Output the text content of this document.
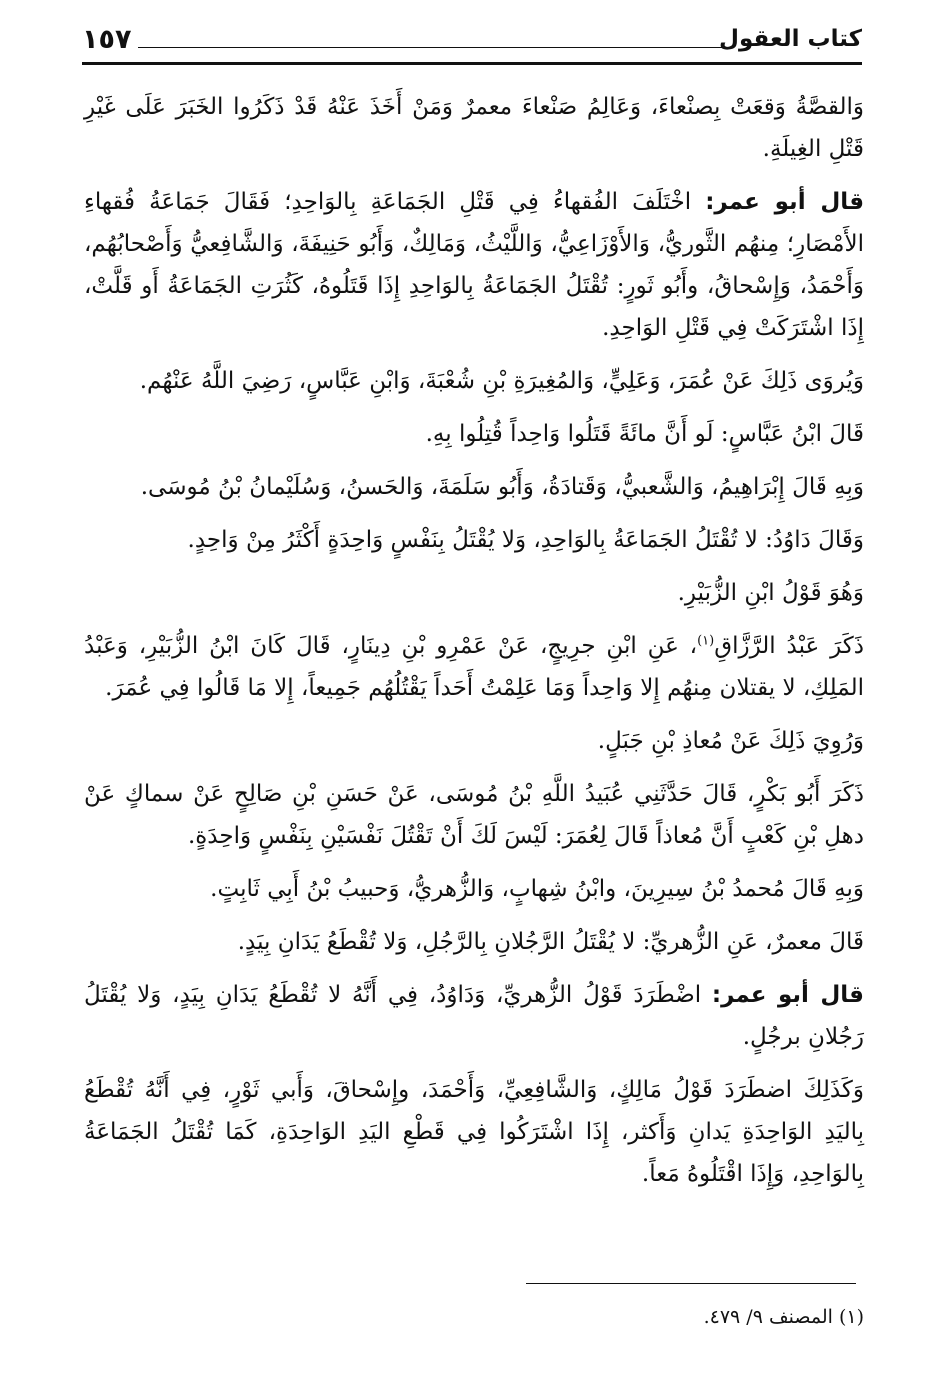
١٥٧	كتاب العقول

وَالقصَّةُ وَقعَتْ بِصنْعاءَ، وَعَالِمُ صَنْعاءَ معمرٌ وَمَنْ أَخَذَ عَنْهُ قَدْ ذَكَرُوا الخَبَرَ عَلَى غَيْرِ قَتْلِ الغِيلَةِ.

قال أبو عمر: اخْتَلَفَ الفُقهاءُ فِي قَتْلِ الجَمَاعَةِ بِالوَاحِدِ؛ فَقَالَ جَمَاعَةُ فُقهاءِ الأَمْصَارِ؛ مِنهُم الثَّوريُّ، وَالأَوْزَاعِيُّ، وَاللَّيْثُ، وَمَالِكٌ، وَأَبُو حَنِيفَةَ، وَالشَّافِعيُّ وَأَصْحابُهُم، وَأَحْمَدُ، وَإِسْحاقُ، وأَبُو ثَورٍ: تُقْتَلُ الجَمَاعَةُ بِالوَاحِدِ إِذَا قَتَلُوهُ، كَثُرَتِ الجَمَاعَةُ أَو قَلَّتْ، إِذَا اشْتَرَكَتْ فِي قَتْلِ الوَاحِدِ.

وَيُروَى ذَلِكَ عَنْ عُمَرَ، وَعَلِيٍّ، وَالمُغِيرَةِ بْنِ شُعْبَةَ، وَابْنِ عَبَّاسٍ، رَضِيَ اللَّهُ عَنْهُم.

قَالَ ابْنُ عَبَّاسٍ: لَو أَنَّ مائَةً قَتَلُوا وَاحِداً قُتِلُوا بِهِ.

وَبِهِ قَالَ إِبْرَاهِيمُ، وَالشَّعبيُّ، وَقَتادَةُ، وَأَبُو سَلَمَةَ، وَالحَسنُ، وَسُلَيْمانُ بْنُ مُوسَى.

وَقَالَ دَاوُدُ: لا تُقْتَلُ الجَمَاعَةُ بِالوَاحِدِ، وَلا يُقْتَلُ بِنَفْسٍ وَاحِدَةٍ أَكْثَرُ مِنْ وَاحِدٍ.

وَهُوَ قَوْلُ ابْنِ الزُّبَيْرِ.

ذَكَرَ عَبْدُ الرَّزَّاقِ$^{(١)}$، عَنِ ابْنِ جرِيجٍ، عَنْ عَمْرِو بْنِ دِينَارٍ، قَالَ كَانَ ابْنُ الزُّبَيْرِ، وَعَبْدُ المَلِكِ، لا يقتلان مِنهُم إِلا وَاحِداً وَمَا عَلِمْتُ أَحَداً يَقْتُلُهُم جَمِيعاً، إِلا مَا قَالُوا فِي عُمَرَ.

وَرُوِيَ ذَلِكَ عَنْ مُعاذِ بْنِ جَبَلٍ.

ذَكَرَ أَبُو بَكْرٍ، قَالَ حَدَّثَنِي عُبَيدُ اللَّهِ بْنُ مُوسَى، عَنْ حَسَنِ بْنِ صَالِحٍ عَنْ سماكٍ عَنْ دهلِ بْنِ كَعْبٍ أَنَّ مُعاذاً قَالَ لِعُمَرَ: لَيْسَ لَكَ أَنْ تَقْتُلَ نَفْسَيْنِ بِنَفْسٍ وَاحِدَةٍ.

وَبِهِ قَالَ مُحمدُ بْنُ سِيرِينَ، وابْنُ شِهابٍ، وَالزُّهريُّ، وَحبيبُ بْنُ أَبِي ثَابِتٍ.

قَالَ معمرٌ، عَنِ الزُّهريِّ: لا يُقْتَلُ الرَّجُلانِ بِالرَّجُلِ، وَلا تُقْطَعُ يَدَانِ بِيَدٍ.

قال أبو عمر: اضْطَرَدَ قَوْلُ الزُّهريِّ، وَدَاوُدُ، فِي أَنَّهُ لا تُقْطَعُ يَدَانِ بِيَدٍ، وَلا يُقْتَلُ رَجُلانِ برجُلٍ.

وَكَذَلِكَ اضطَرَدَ قَوْلُ مَالِكٍ، وَالشَّافِعِيِّ، وَأَحْمَدَ، وإِسْحاقَ، وَأَبي ثَوْرٍ، فِي أَنَّهُ تُقْطَعُ بِاليَدِ الوَاحِدَةِ يَدانِ وَأَكثر، إِذَا اشْتَرَكُوا فِي قَطْعِ اليَدِ الوَاحِدَةِ، كَمَا تُقْتَلُ الجَمَاعَةُ بِالوَاحِدِ، وَإِذَا اقْتَلُوهُ مَعاً.

(١) المصنف ٩/ ٤٧٩.
